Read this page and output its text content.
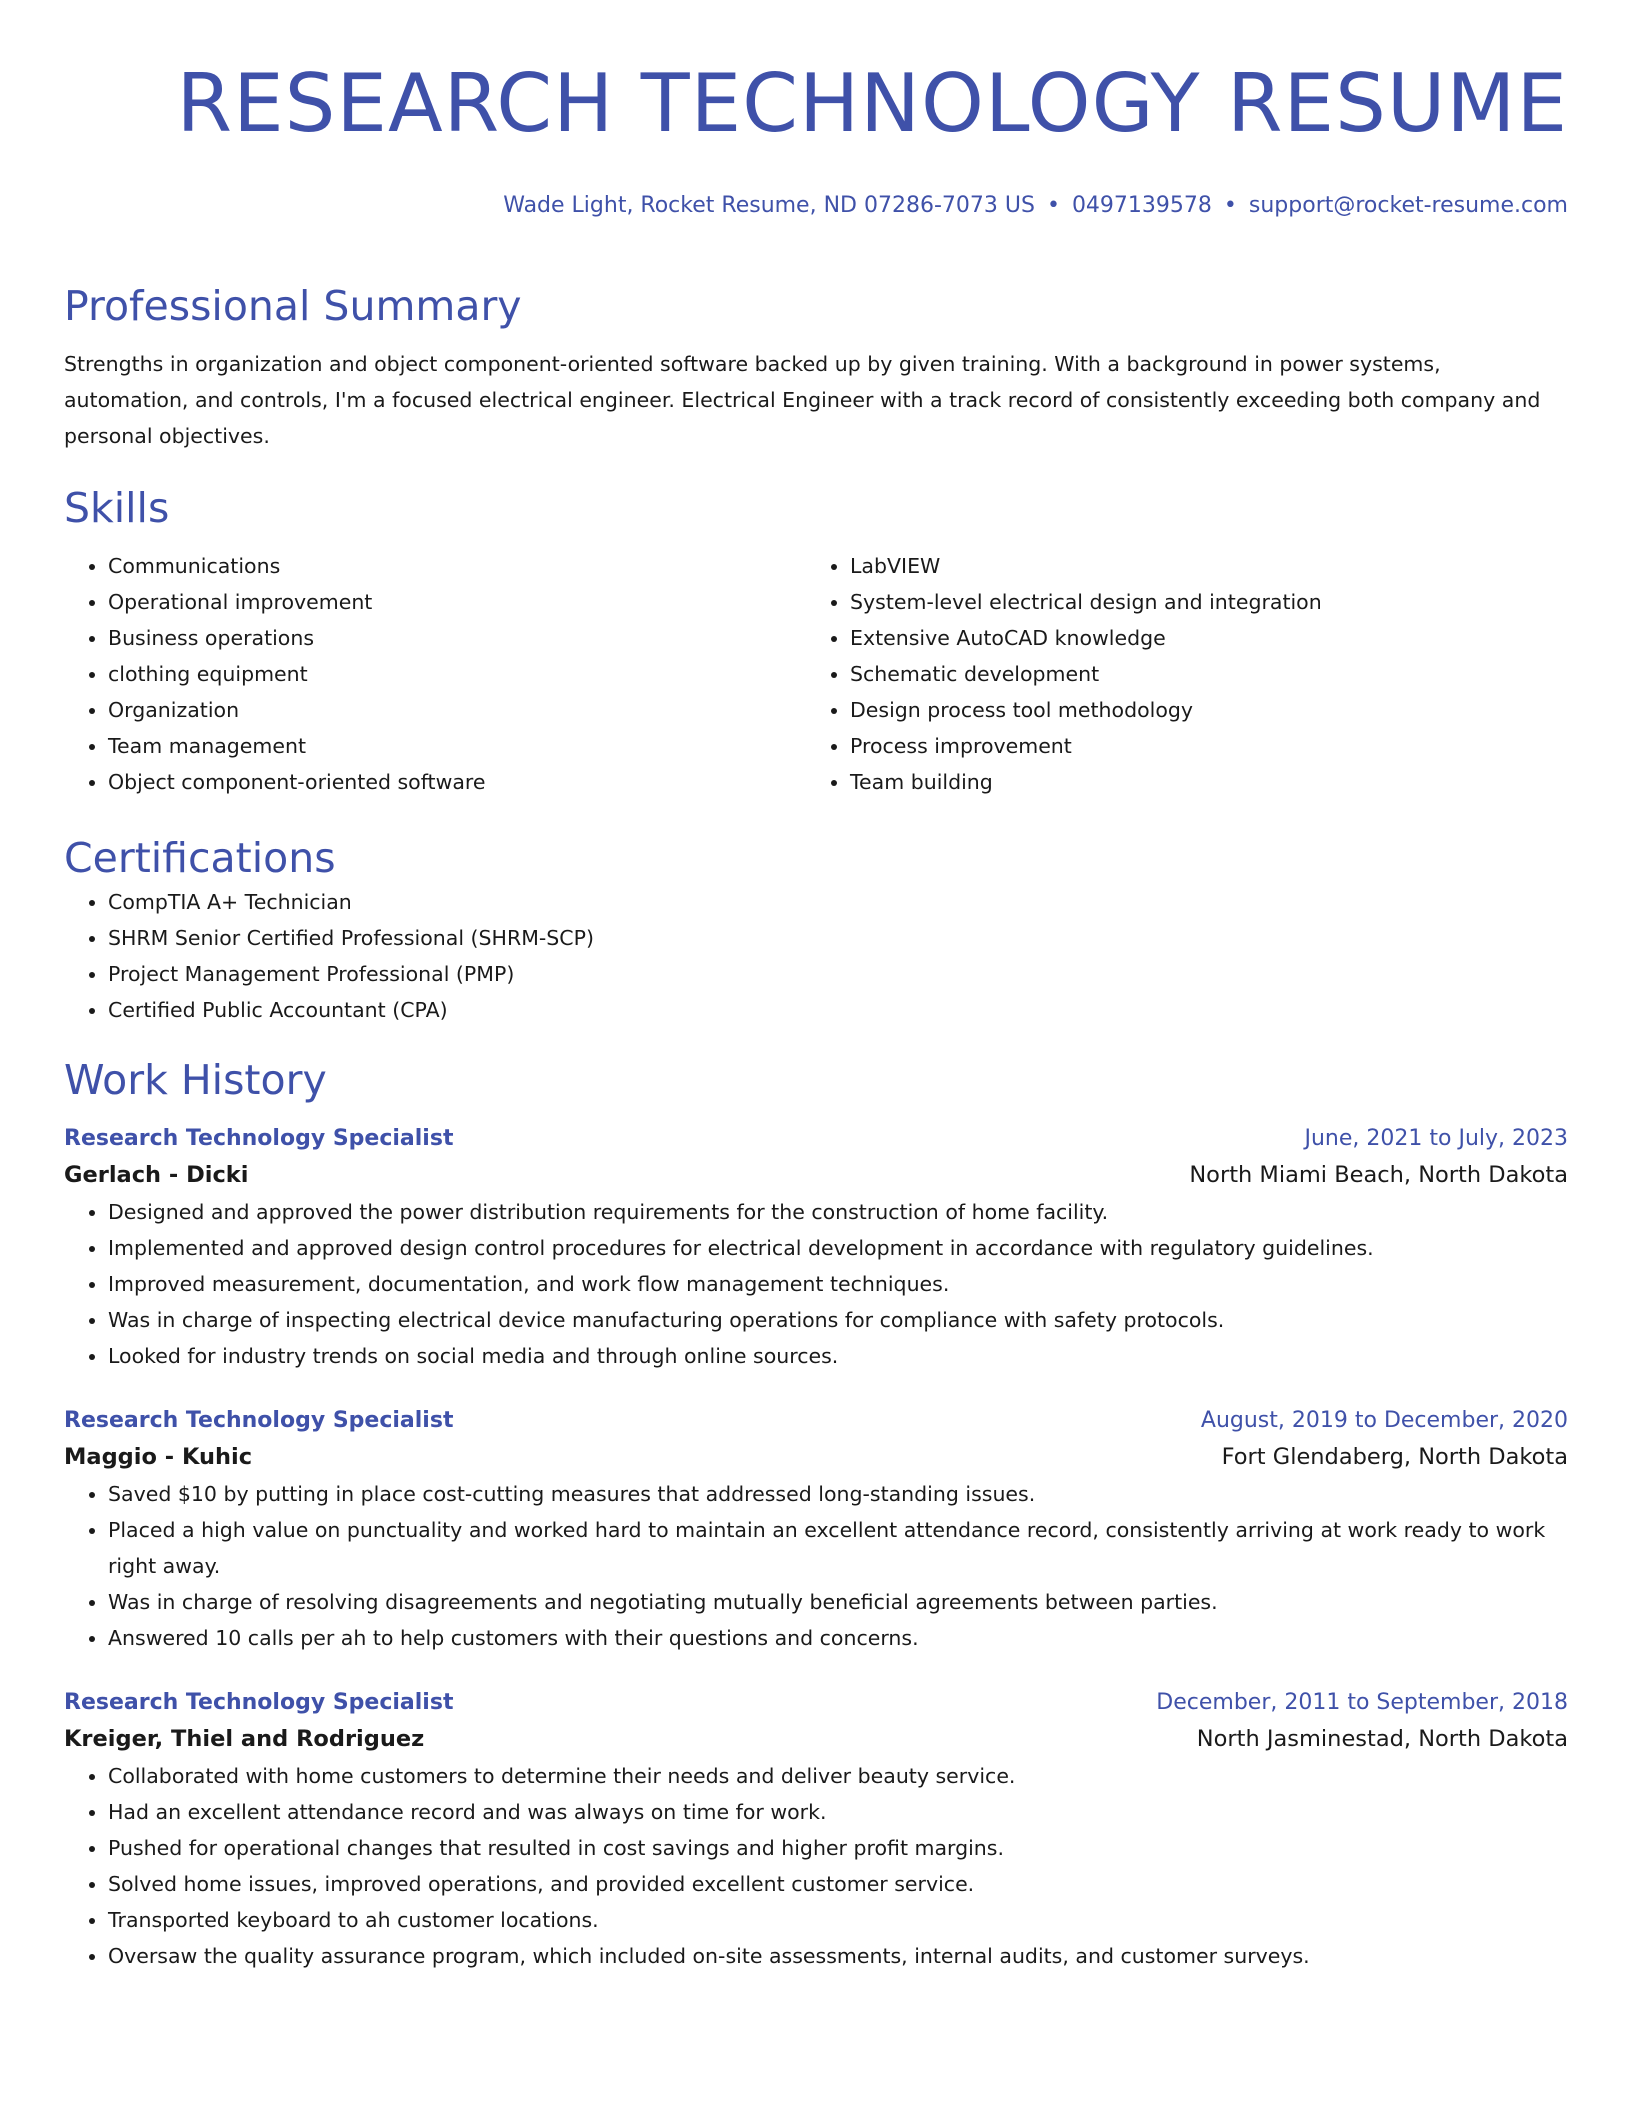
RESEARCH TECHNOLOGY RESUME
Wade Light, Rocket Resume, ND 07286-7073 US • 0497139578 • support@rocket-resume.com
Professional Summary
Strengths in organization and object component-oriented software backed up by given training. With a background in power systems, automation, and controls, I'm a focused electrical engineer. Electrical Engineer with a track record of consistently exceeding both company and personal objectives.
Skills
• Communications
• Operational improvement
• Business operations
• clothing equipment
• Organization
• Team management
• Object component-oriented software
• LabVIEW
• System-level electrical design and integration
• Extensive AutoCAD knowledge
• Schematic development
• Design process tool methodology
• Process improvement
• Team building
Certifications
• CompTIA A+ Technician
• SHRM Senior Certified Professional (SHRM-SCP)
• Project Management Professional (PMP)
• Certified Public Accountant (CPA)
Work History
Research Technology Specialist	June, 2021 to July, 2023
Gerlach - Dicki	North Miami Beach, North Dakota
• Designed and approved the power distribution requirements for the construction of home facility.
• Implemented and approved design control procedures for electrical development in accordance with regulatory guidelines.
• Improved measurement, documentation, and work flow management techniques.
• Was in charge of inspecting electrical device manufacturing operations for compliance with safety protocols.
• Looked for industry trends on social media and through online sources.
Research Technology Specialist	August, 2019 to December, 2020
Maggio - Kuhic	Fort Glendaberg, North Dakota
• Saved $10 by putting in place cost-cutting measures that addressed long-standing issues.
• Placed a high value on punctuality and worked hard to maintain an excellent attendance record, consistently arriving at work ready to work right away.
• Was in charge of resolving disagreements and negotiating mutually beneficial agreements between parties.
• Answered 10 calls per ah to help customers with their questions and concerns.
Research Technology Specialist	December, 2011 to September, 2018
Kreiger, Thiel and Rodriguez	North Jasminestad, North Dakota
• Collaborated with home customers to determine their needs and deliver beauty service.
• Had an excellent attendance record and was always on time for work.
• Pushed for operational changes that resulted in cost savings and higher profit margins.
• Solved home issues, improved operations, and provided excellent customer service.
• Transported keyboard to ah customer locations.
• Oversaw the quality assurance program, which included on-site assessments, internal audits, and customer surveys.
